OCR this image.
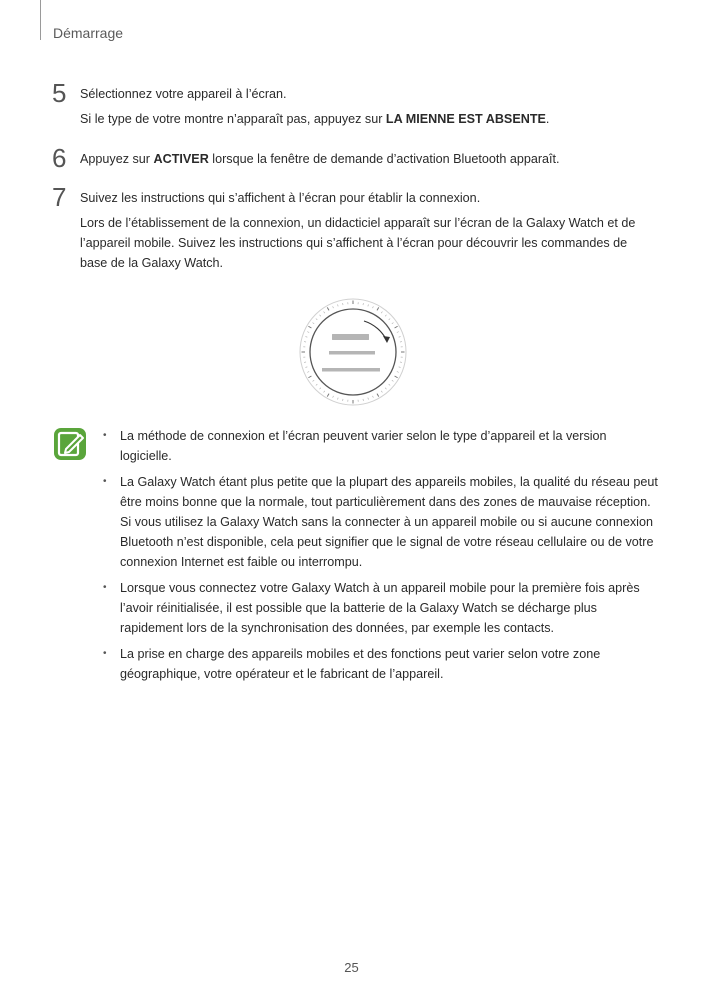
Démarrage
5 Sélectionnez votre appareil à l’écran.

Si le type de votre montre n’apparaît pas, appuyez sur LA MIENNE EST ABSENTE.

6 Appuyez sur ACTIVER lorsque la fenêtre de demande d’activation Bluetooth apparaît.

7 Suivez les instructions qui s’affichent à l’écran pour établir la connexion.

Lors de l’établissement de la connexion, un didacticiel apparaît sur l’écran de la Galaxy Watch et de l’appareil mobile. Suivez les instructions qui s’affichent à l’écran pour découvrir les commandes de base de la Galaxy Watch.

• La méthode de connexion et l’écran peuvent varier selon le type d’appareil et la version logicielle.
• La Galaxy Watch étant plus petite que la plupart des appareils mobiles, la qualité du réseau peut être moins bonne que la normale, tout particulièrement dans des zones de mauvaise réception. Si vous utilisez la Galaxy Watch sans la connecter à un appareil mobile ou si aucune connexion Bluetooth n’est disponible, cela peut signifier que le signal de votre réseau cellulaire ou de votre connexion Internet est faible ou interrompu.
• Lorsque vous connectez votre Galaxy Watch à un appareil mobile pour la première fois après l’avoir réinitialisée, il est possible que la batterie de la Galaxy Watch se décharge plus rapidement lors de la synchronisation des données, par exemple les contacts.
• La prise en charge des appareils mobiles et des fonctions peut varier selon votre zone géographique, votre opérateur et le fabricant de l’appareil.
25
